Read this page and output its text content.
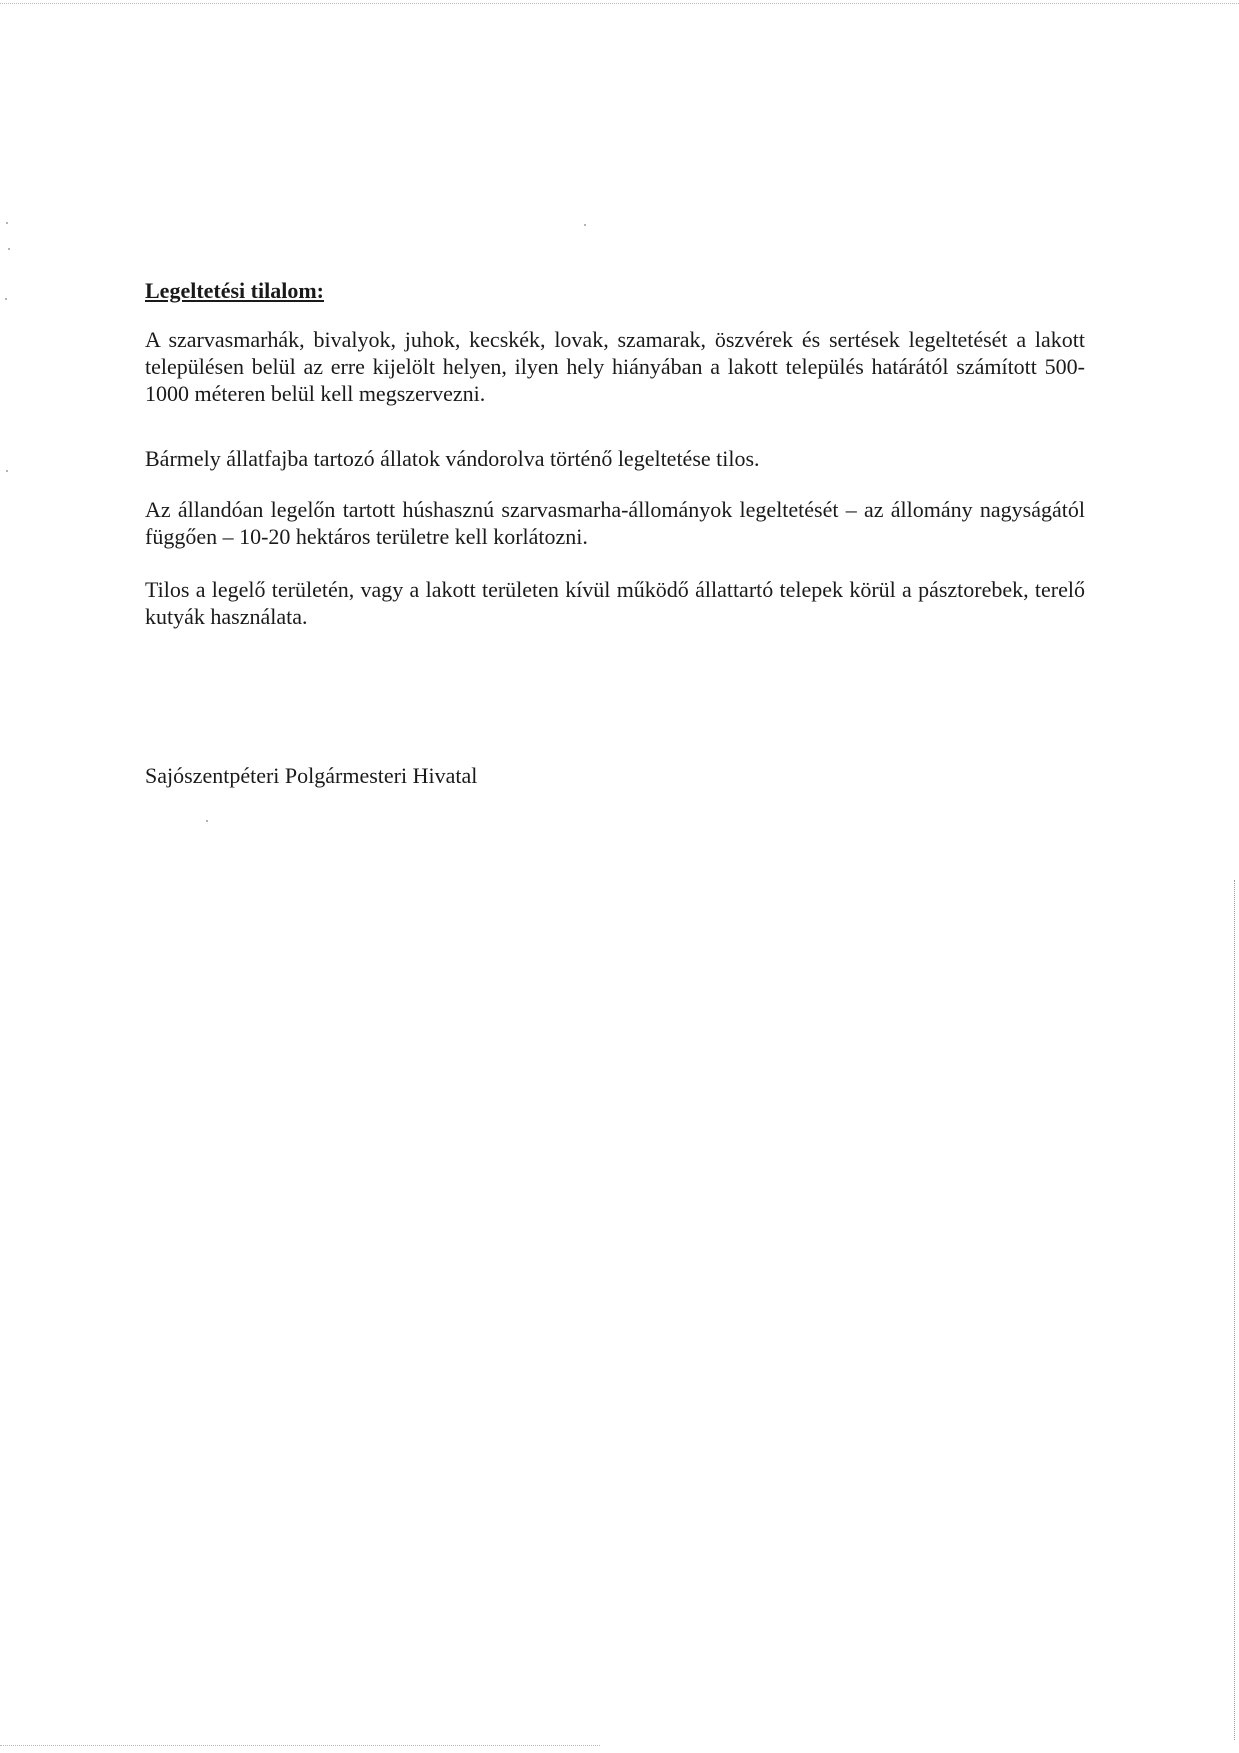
Legeltetési tilalom:

A szarvasmarhák, bivalyok, juhok, kecskék, lovak, szamarak, öszvérek és sertések legeltetését a lakott településen belül az erre kijelölt helyen, ilyen hely hiányában a lakott település határától számított 500-1000 méteren belül kell megszervezni.

Bármely állatfajba tartozó állatok vándorolva történő legeltetése tilos.

Az állandóan legelőn tartott húshasznú szarvasmarha-állományok legeltetését – az állomány nagyságától függően – 10-20 hektáros területre kell korlátozni.

Tilos a legelő területén, vagy a lakott területen kívül működő állattartó telepek körül a pásztorebek, terelő kutyák használata.

Sajószentpéteri Polgármesteri Hivatal
